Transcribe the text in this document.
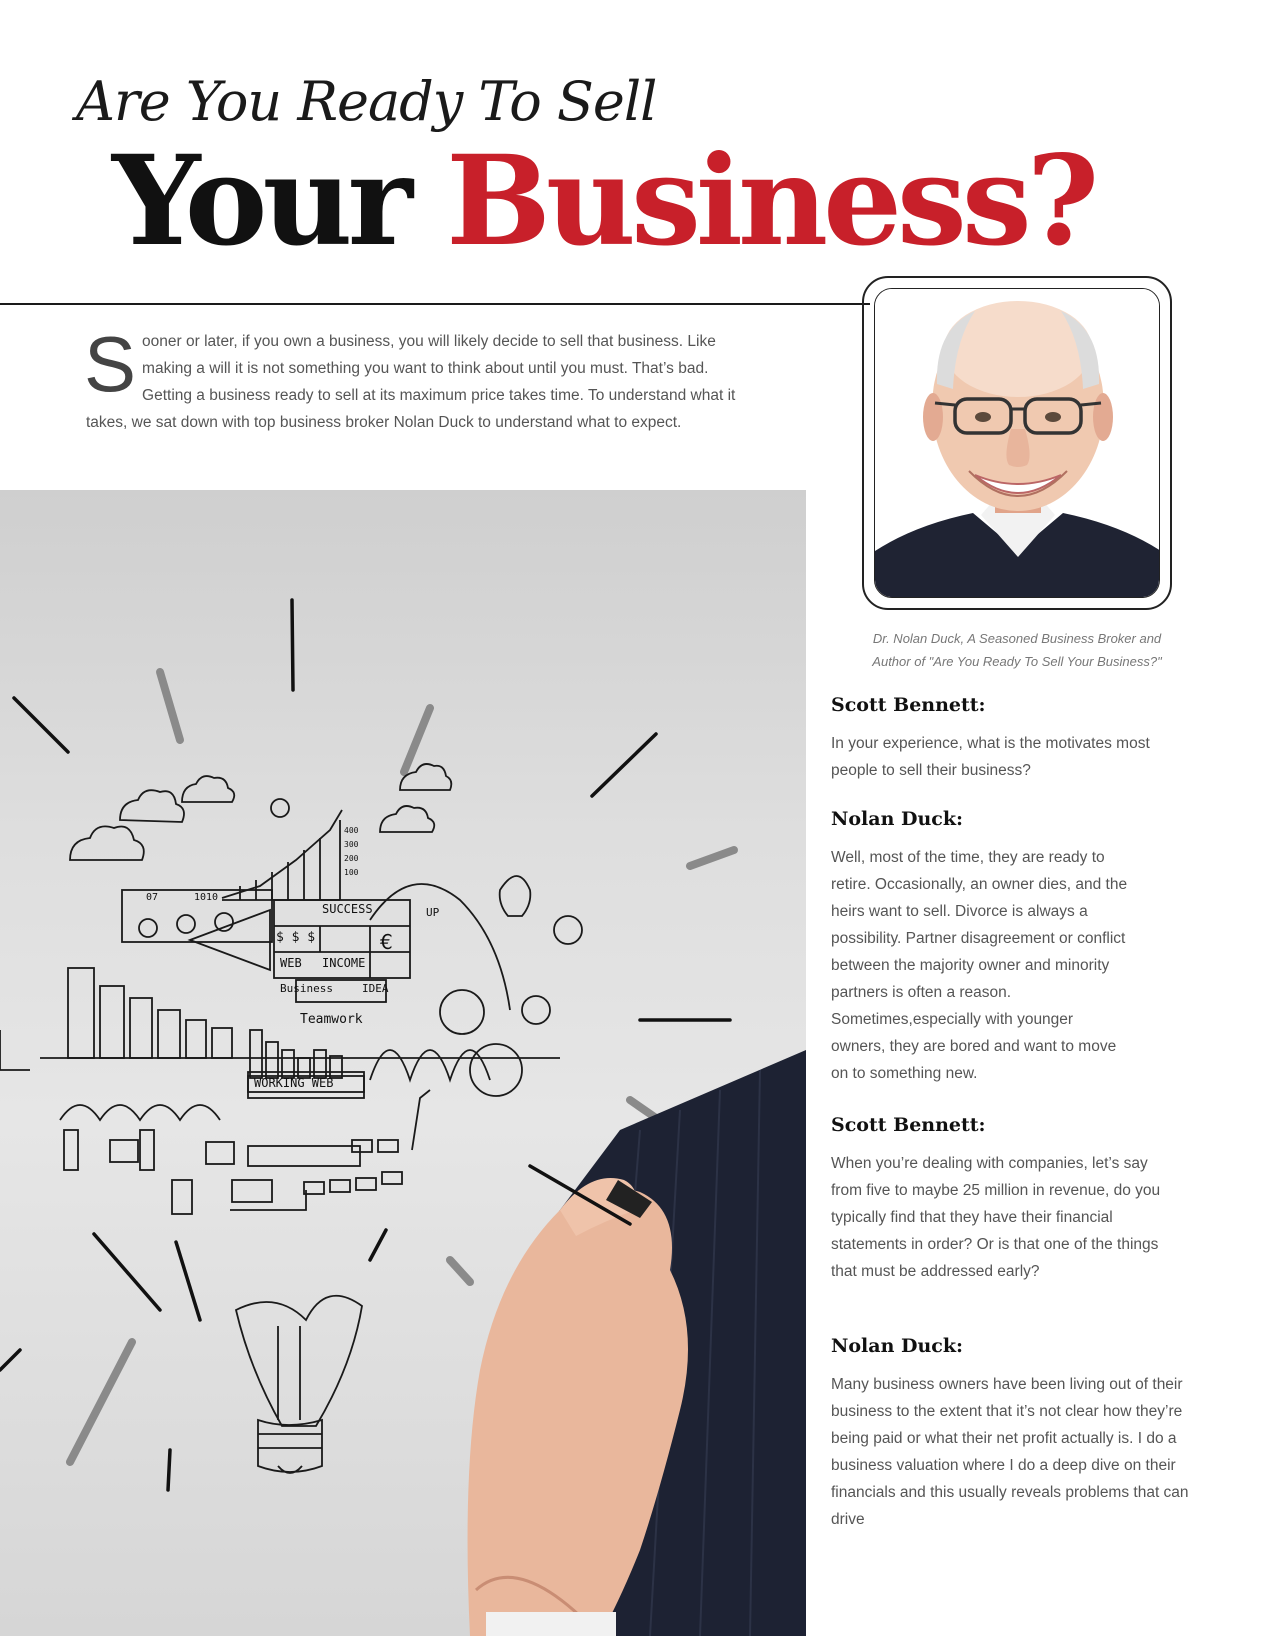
Are You Ready To Sell
Your Business?
S ooner or later, if you own a business, you will likely decide to sell that business. Like making a will it is not something you want to think about until you must. That’s bad. Getting a business ready to sell at its maximum price takes time. To understand what it takes, we sat down with top business broker Nolan Duck to understand what to expect.
Dr. Nolan Duck, A Seasoned Business Broker and
Author of "Are You Ready To Sell Your Business?"

Scott Bennett:

In your experience, what is the motivates most people to sell their business?

Nolan Duck:

Well, most of the time, they are ready to retire. Occasionally, an owner dies, and the heirs want to sell. Divorce is always a possibility. Partner disagreement or conflict between the majority owner and minority partners is often a reason. Sometimes,especially with younger owners, they are bored and want to move on to something new.

Scott Bennett:

When you’re dealing with companies, let’s say from five to maybe 25 million in revenue, do you typically find that they have their financial statements in order? Or is that one of the things that must be addressed early?

Nolan Duck:

Many business owners have been living out of their business to the extent that it’s not clear how they’re being paid or what their net profit actually is. I do a business valuation where I do a deep dive on their financials and this usually reveals problems that can drive

SUCCESS
$ $ $
WEB INCOME
€
Business	IDEA
Teamwork
WORKING WEB
UP
1010
07
400
300
200
100
